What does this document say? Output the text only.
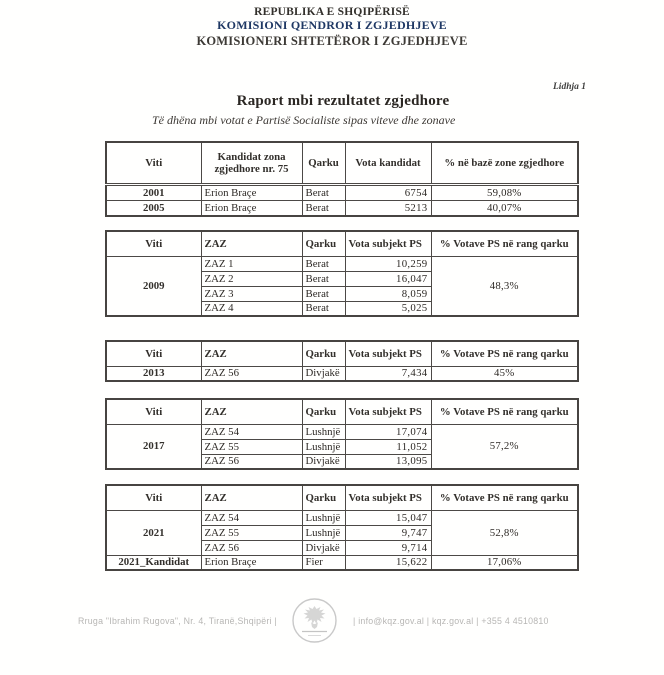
REPUBLIKA E SHQIPËRISË
KOMISIONI QENDROR I ZGJEDHJEVE
KOMISIONERI SHTETËROR I ZGJEDHJEVE
Lidhja 1
Raport mbi rezultatet zgjedhore
Të dhëna mbi votat e Partisë Socialiste sipas viteve dhe zonave
Viti	Kandidat zona zgjedhore nr. 75	Qarku	Vota kandidat	% në bazë zone zgjedhore
2001	Erion Braçe	Berat	6754	59,08%
2005	Erion Braçe	Berat	5213	40,07%
Viti	ZAZ	Qarku	Vota subjekt PS	% Votave PS në rang qarku
2009	ZAZ 1	Berat	10,259	48,3%
	ZAZ 2	Berat	16,047	
	ZAZ 3	Berat	8,059	
	ZAZ 4	Berat	5,025	
Viti	ZAZ	Qarku	Vota subjekt PS	% Votave PS në rang qarku
2013	ZAZ 56	Divjakë	7,434	45%
Viti	ZAZ	Qarku	Vota subjekt PS	% Votave PS në rang qarku
2017	ZAZ 54	Lushnjë	17,074	57,2%
	ZAZ 55	Lushnjë	11,052	
	ZAZ 56	Divjakë	13,095	
Viti	ZAZ	Qarku	Vota subjekt PS	% Votave PS në rang qarku
2021	ZAZ 54	Lushnjë	15,047	52,8%
	ZAZ 55	Lushnjë	9,747	
	ZAZ 56	Divjakë	9,714	
2021_Kandidat	Erion Braçe	Fier	15,622	17,06%
Rruga "Ibrahim Rugova", Nr. 4, Tiranë,Shqipëri |	| info@kqz.gov.al | kqz.gov.al | +355 4 4510810
